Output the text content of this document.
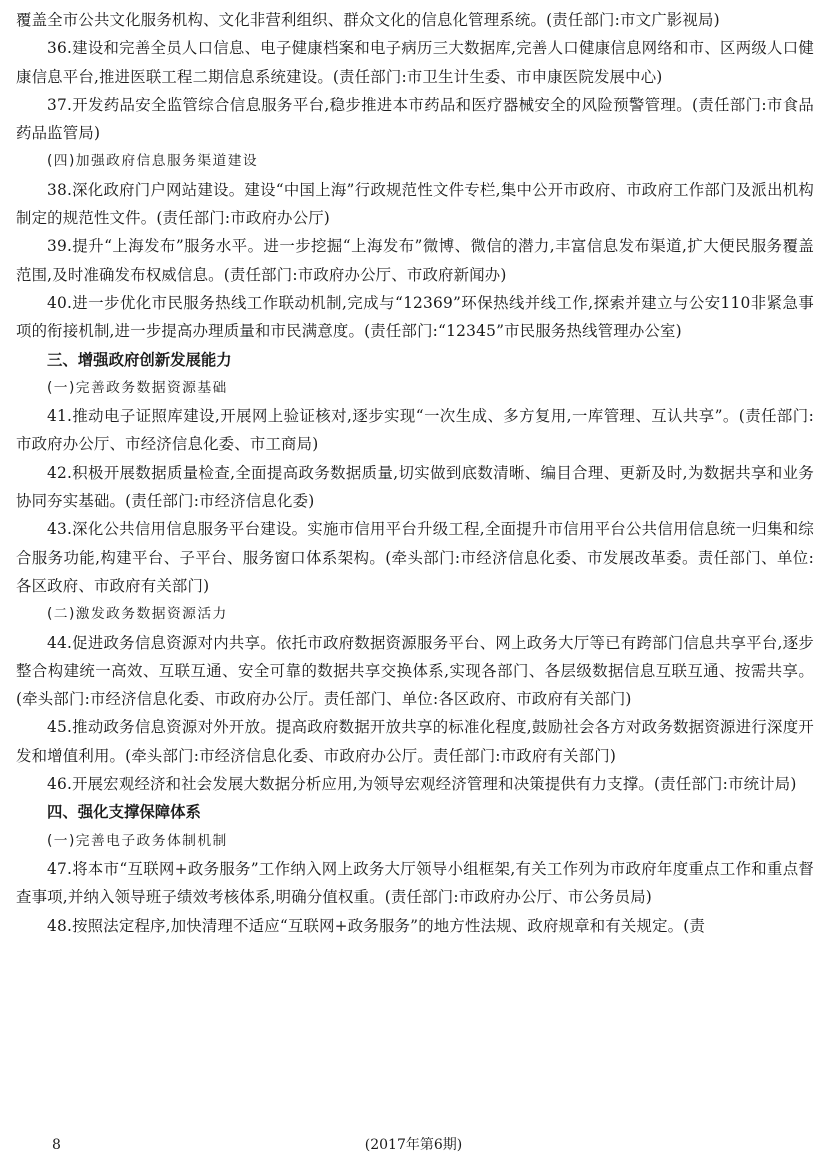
覆盖全市公共文化服务机构、文化非营利组织、群众文化的信息化管理系统。(责任部门:市文广影视局)

36.建设和完善全员人口信息、电子健康档案和电子病历三大数据库,完善人口健康信息网络和市、区两级人口健康信息平台,推进医联工程二期信息系统建设。(责任部门:市卫生计生委、市申康医院发展中心)

37.开发药品安全监管综合信息服务平台,稳步推进本市药品和医疗器械安全的风险预警管理。(责任部门:市食品药品监管局)

(四)加强政府信息服务渠道建设

38.深化政府门户网站建设。建设“中国上海”行政规范性文件专栏,集中公开市政府、市政府工作部门及派出机构制定的规范性文件。(责任部门:市政府办公厅)

39.提升“上海发布”服务水平。进一步挖掘“上海发布”微博、微信的潜力,丰富信息发布渠道,扩大便民服务覆盖范围,及时准确发布权威信息。(责任部门:市政府办公厅、市政府新闻办)

40.进一步优化市民服务热线工作联动机制,完成与“12369”环保热线并线工作,探索并建立与公安110非紧急事项的衔接机制,进一步提高办理质量和市民满意度。(责任部门:“12345”市民服务热线管理办公室)

三、增强政府创新发展能力

(一)完善政务数据资源基础

41.推动电子证照库建设,开展网上验证核对,逐步实现“一次生成、多方复用,一库管理、互认共享”。(责任部门:市政府办公厅、市经济信息化委、市工商局)

42.积极开展数据质量检查,全面提高政务数据质量,切实做到底数清晰、编目合理、更新及时,为数据共享和业务协同夯实基础。(责任部门:市经济信息化委)

43.深化公共信用信息服务平台建设。实施市信用平台升级工程,全面提升市信用平台公共信用信息统一归集和综合服务功能,构建平台、子平台、服务窗口体系架构。(牵头部门:市经济信息化委、市发展改革委。责任部门、单位:各区政府、市政府有关部门)

(二)激发政务数据资源活力

44.促进政务信息资源对内共享。依托市政府数据资源服务平台、网上政务大厅等已有跨部门信息共享平台,逐步整合构建统一高效、互联互通、安全可靠的数据共享交换体系,实现各部门、各层级数据信息互联互通、按需共享。(牵头部门:市经济信息化委、市政府办公厅。责任部门、单位:各区政府、市政府有关部门)

45.推动政务信息资源对外开放。提高政府数据开放共享的标准化程度,鼓励社会各方对政务数据资源进行深度开发和增值利用。(牵头部门:市经济信息化委、市政府办公厅。责任部门:市政府有关部门)

46.开展宏观经济和社会发展大数据分析应用,为领导宏观经济管理和决策提供有力支撑。(责任部门:市统计局)

四、强化支撑保障体系

(一)完善电子政务体制机制

47.将本市“互联网+政务服务”工作纳入网上政务大厅领导小组框架,有关工作列为市政府年度重点工作和重点督查事项,并纳入领导班子绩效考核体系,明确分值权重。(责任部门:市政府办公厅、市公务员局)

48.按照法定程序,加快清理不适应“互联网+政务服务”的地方性法规、政府规章和有关规定。(责

8	(2017年第6期)
